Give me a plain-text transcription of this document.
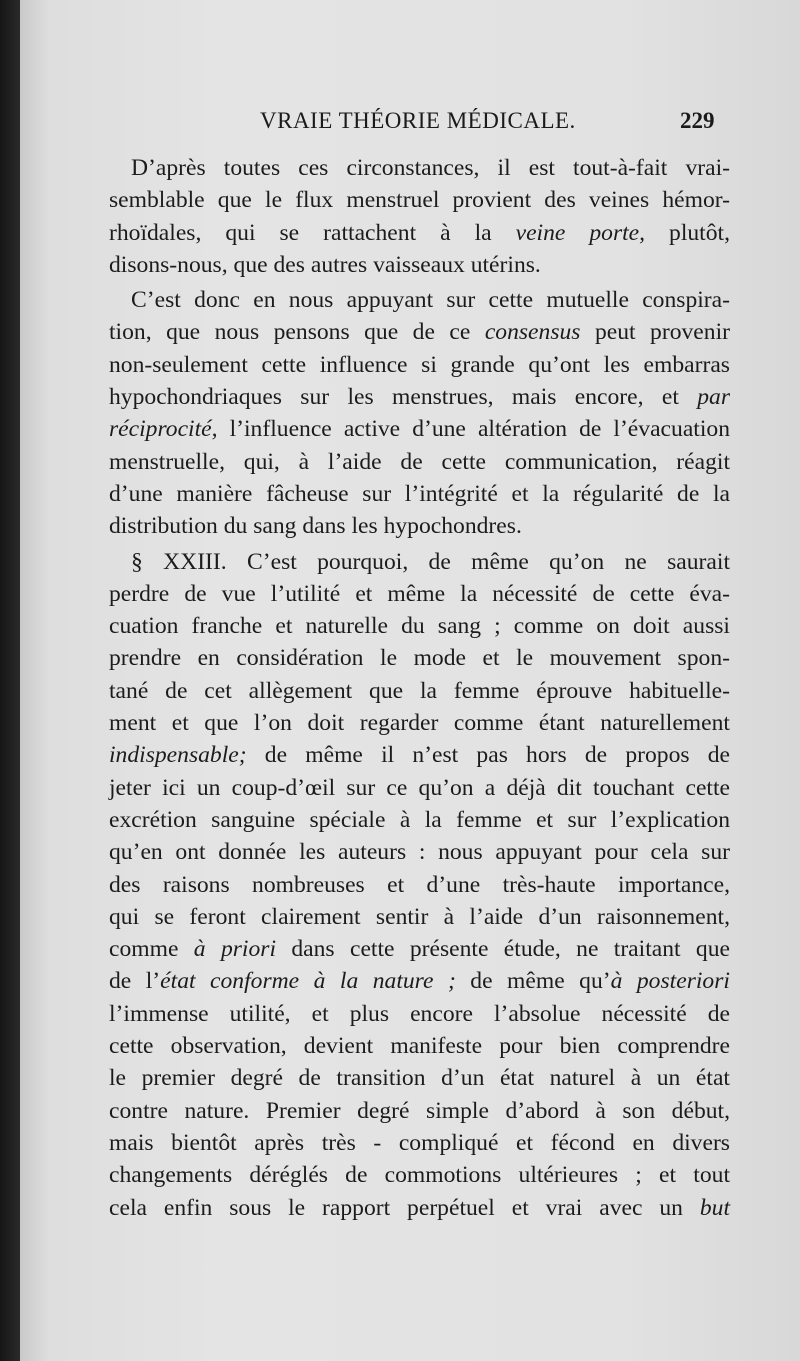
VRAIE THÉORIE MÉDICALE.	229
D’après toutes ces circonstances, il est tout-à-fait vrai-
semblable que le flux menstruel provient des veines hémor-
rhoïdales, qui se rattachent à la veine porte, plutôt,
disons-nous, que des autres vaisseaux utérins.
C’est donc en nous appuyant sur cette mutuelle conspira-
tion, que nous pensons que de ce consensus peut provenir
non-seulement cette influence si grande qu’ont les embarras
hypochondriaques sur les menstrues, mais encore, et par
réciprocité, l’influence active d’une altération de l’évacuation
menstruelle, qui, à l’aide de cette communication, réagit
d’une manière fâcheuse sur l’intégrité et la régularité de la
distribution du sang dans les hypochondres.
§ XXIII. C’est pourquoi, de même qu’on ne saurait
perdre de vue l’utilité et même la nécessité de cette éva-
cuation franche et naturelle du sang ; comme on doit aussi
prendre en considération le mode et le mouvement spon-
tané de cet allègement que la femme éprouve habituelle-
ment et que l’on doit regarder comme étant naturellement
indispensable; de même il n’est pas hors de propos de
jeter ici un coup-d’œil sur ce qu’on a déjà dit touchant cette
excrétion sanguine spéciale à la femme et sur l’explication
qu’en ont donnée les auteurs : nous appuyant pour cela sur
des raisons nombreuses et d’une très-haute importance,
qui se feront clairement sentir à l’aide d’un raisonnement,
comme à priori dans cette présente étude, ne traitant que
de l’état conforme à la nature ; de même qu’à posteriori
l’immense utilité, et plus encore l’absolue nécessité de
cette observation, devient manifeste pour bien comprendre
le premier degré de transition d’un état naturel à un état
contre nature. Premier degré simple d’abord à son début,
mais bientôt après très - compliqué et fécond en divers
changements déréglés de commotions ultérieures ; et tout
cela enfin sous le rapport perpétuel et vrai avec un but
